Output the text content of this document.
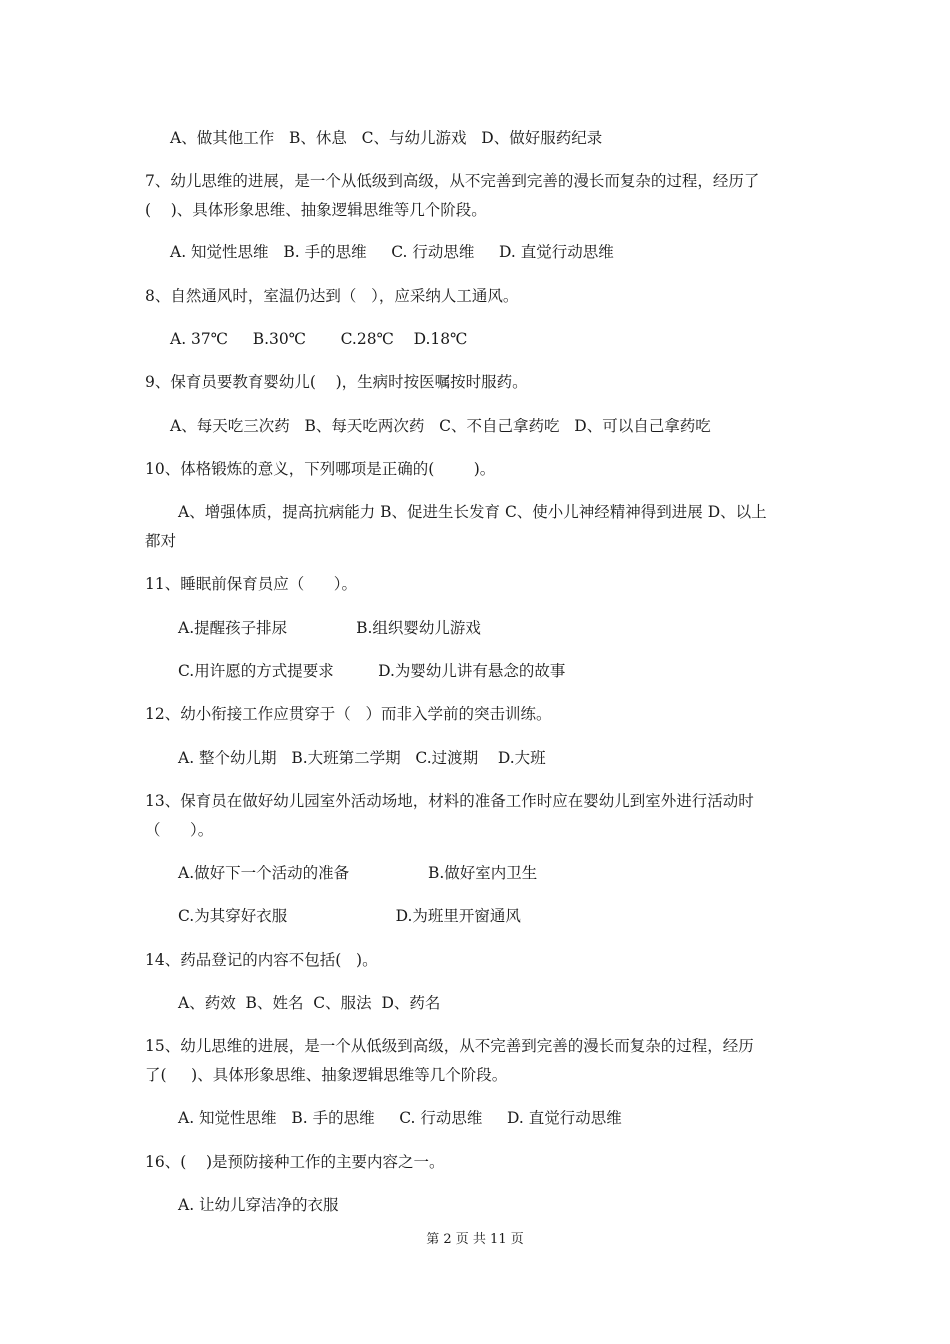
A、做其他工作   B、休息   C、与幼儿游戏   D、做好服药纪录
7、幼儿思维的进展，是一个从低级到高级，从不完善到完善的漫长而复杂的过程，经历了
(    )、具体形象思维、抽象逻辑思维等几个阶段。
A. 知觉性思维   B. 手的思维     C. 行动思维     D. 直觉行动思维
8、自然通风时，室温仍达到（   ），应采纳人工通风。
A. 37℃     B.30℃       C.28℃    D.18℃
9、保育员要教育婴幼儿(    )，生病时按医嘱按时服药。
A、每天吃三次药   B、每天吃两次药   C、不自己拿药吃   D、可以自己拿药吃
10、体格锻炼的意义，下列哪项是正确的(        )。
A、增强体质，提高抗病能力 B、促进生长发育 C、使小儿神经精神得到进展 D、以上
都对
11、睡眠前保育员应（      ）。
A.提醒孩子排尿              B.组织婴幼儿游戏
C.用许愿的方式提要求         D.为婴幼儿讲有悬念的故事
12、幼小衔接工作应贯穿于（   ）而非入学前的突击训练。
A. 整个幼儿期   B.大班第二学期   C.过渡期    D.大班
13、保育员在做好幼儿园室外活动场地，材料的准备工作时应在婴幼儿到室外进行活动时
（      ）。
A.做好下一个活动的准备                B.做好室内卫生
C.为其穿好衣服                      D.为班里开窗通风
14、药品登记的内容不包括(   )。
A、药效  B、姓名  C、服法  D、药名
15、幼儿思维的进展，是一个从低级到高级，从不完善到完善的漫长而复杂的过程，经历
了(     )、具体形象思维、抽象逻辑思维等几个阶段。
A. 知觉性思维   B. 手的思维     C. 行动思维     D. 直觉行动思维
16、(    )是预防接种工作的主要内容之一。
A. 让幼儿穿洁净的衣服
第 2 页 共 11 页
